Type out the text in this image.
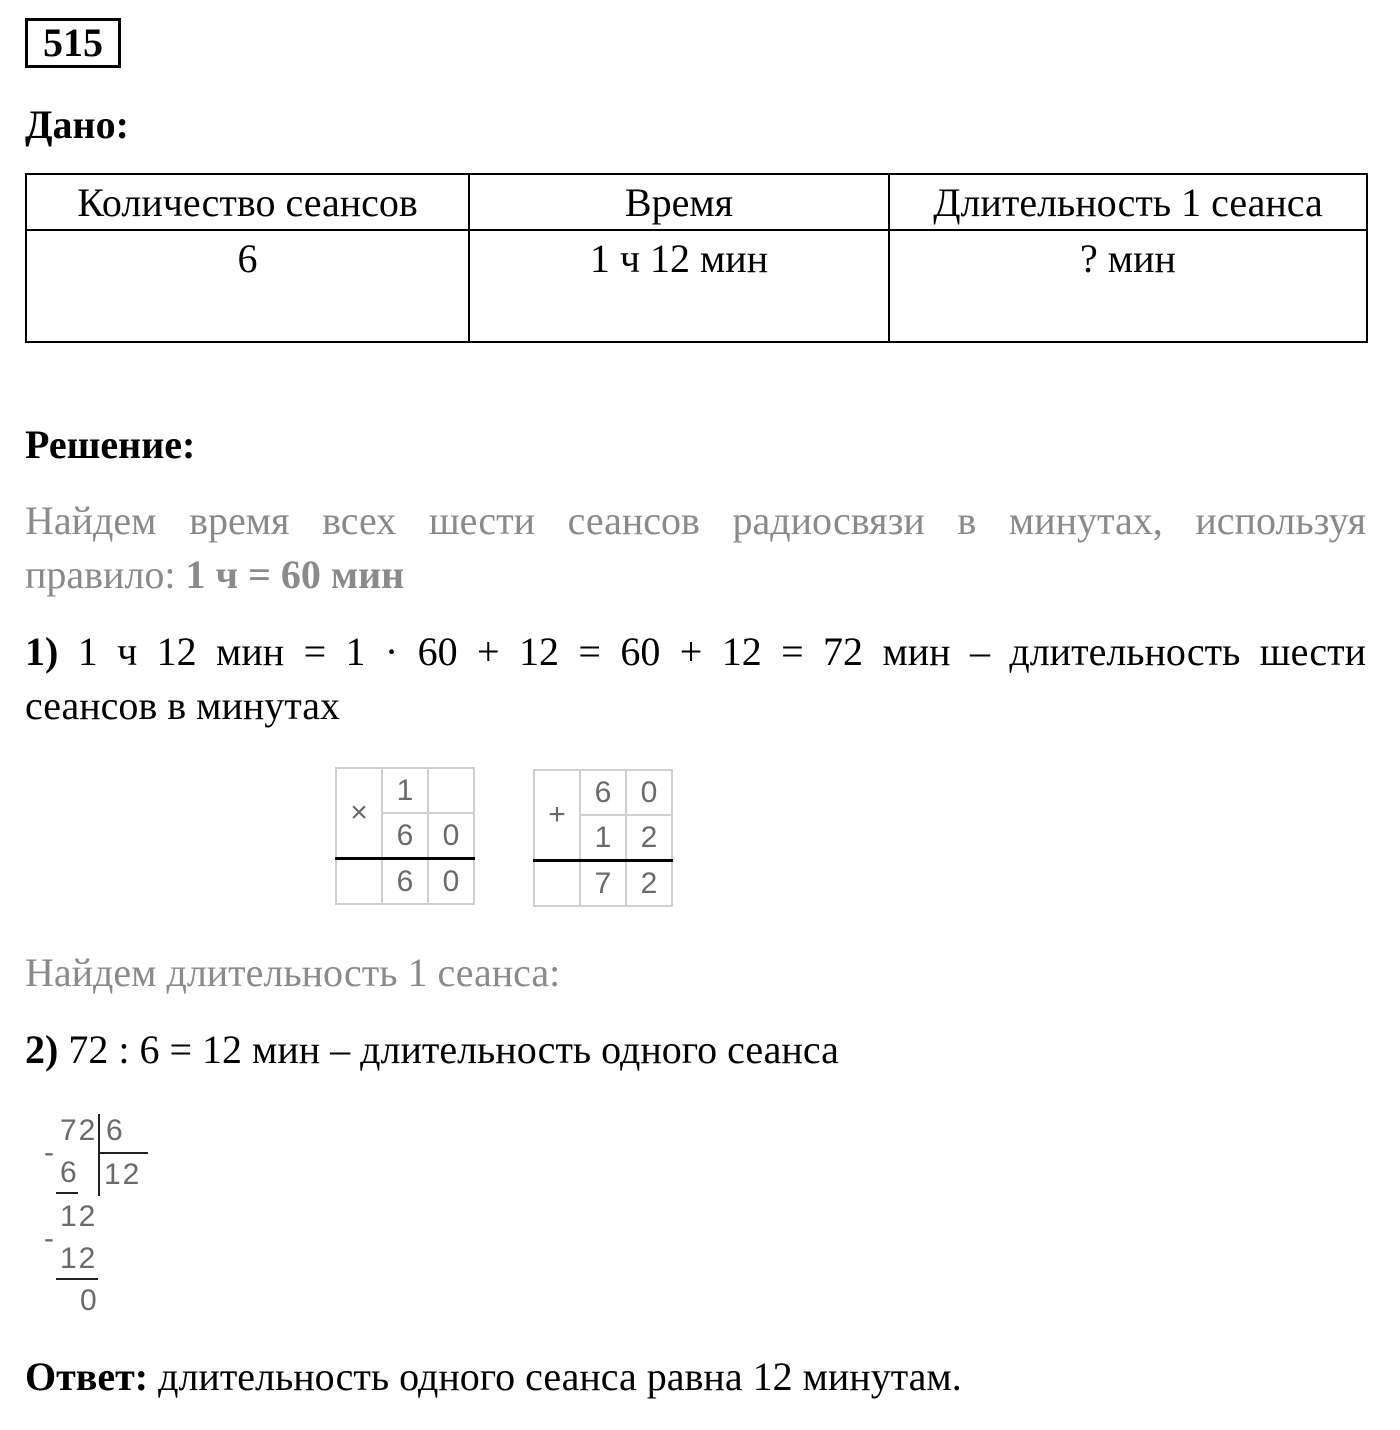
515
Дано:
Количество сеансов	Время	Длительность 1 сеанса
6	1 ч 12 мин	? мин
Решение:
Найдем время всех шести сеансов радиосвязи в минутах, используя
правило: 1 ч = 60 мин
1) 1 ч 12 мин = 1 · 60 + 12 = 60 + 12 = 72 мин – длительность шести
сеансов в минутах
×	1	
	6	0
	6	0
+	6	0
	1	2
	7	2
Найдем длительность 1 сеанса:
2) 72 : 6 = 12 мин – длительность одного сеанса
72 6
12
-
6
12
-
12
0
Ответ: длительность одного сеанса равна 12 минутам.
